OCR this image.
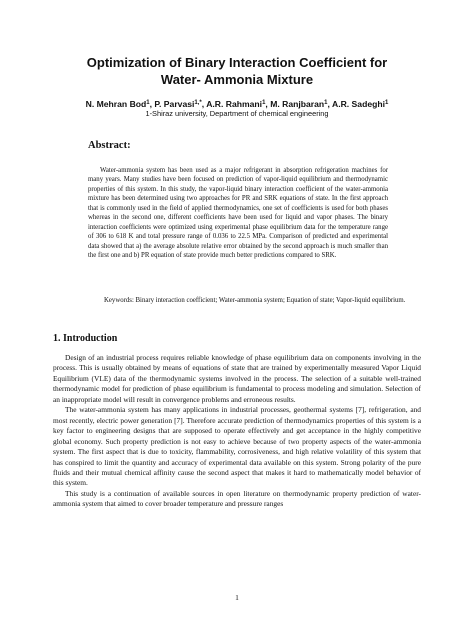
Optimization of Binary Interaction Coefficient for
Water- Ammonia Mixture
N. Mehran Bod$^1$, P. Parvasi$^{1,*}$, A.R. Rahmani$^1$, M. Ranjbaran$^1$, A.R. Sadeghi$^1$
1-Shiraz university, Department of chemical engineering
Abstract:
Water-ammonia system has been used as a major refrigerant in absorption refrigeration machines for many years. Many studies have been focused on prediction of vapor-liquid equilibrium and thermodynamic properties of this system. In this study, the vapor-liquid binary interaction coefficient of the water-ammonia mixture has been determined using two approaches for PR and SRK equations of state. In the first approach that is commonly used in the field of applied thermodynamics, one set of coefficients is used for both phases whereas in the second one, different coefficients have been used for liquid and vapor phases. The binary interaction coefficients were optimized using experimental phase equilibrium data for the temperature range of 306 to 618 K and total pressure range of 0.036 to 22.5 MPa. Comparison of predicted and experimental data showed that a) the average absolute relative error obtained by the second approach is much smaller than the first one and b) PR equation of state provide much better predictions compared to SRK.
Keywords: Binary interaction coefficient; Water-ammonia system; Equation of state; Vapor-liquid equilibrium.
1. Introduction

Design of an industrial process requires reliable knowledge of phase equilibrium data on components involving in the process. This is usually obtained by means of equations of state that are trained by experimentally measured Vapor Liquid Equilibrium (VLE) data of the thermodynamic systems involved in the process. The selection of a suitable well-trained thermodynamic model for prediction of phase equilibrium is fundamental to process modeling and simulation. Selection of an inappropriate model will result in convergence problems and erroneous results.

The water-ammonia system has many applications in industrial processes, geothermal systems [7], refrigeration, and most recently, electric power generation [7]. Therefore accurate prediction of thermodynamics properties of this system is a key factor to engineering designs that are supposed to operate effectively and get acceptance in the highly competitive global economy. Such property prediction is not easy to achieve because of two property aspects of the water-ammonia system. The first aspect that is due to toxicity, flammability, corrosiveness, and high relative volatility of this system that has conspired to limit the quantity and accuracy of experimental data available on this system. Strong polarity of the pure fluids and their mutual chemical affinity cause the second aspect that makes it hard to mathematically model behavior of this system.

This study is a continuation of available sources in open literature on thermodynamic property prediction of water-ammonia system that aimed to cover broader temperature and pressure ranges

1
